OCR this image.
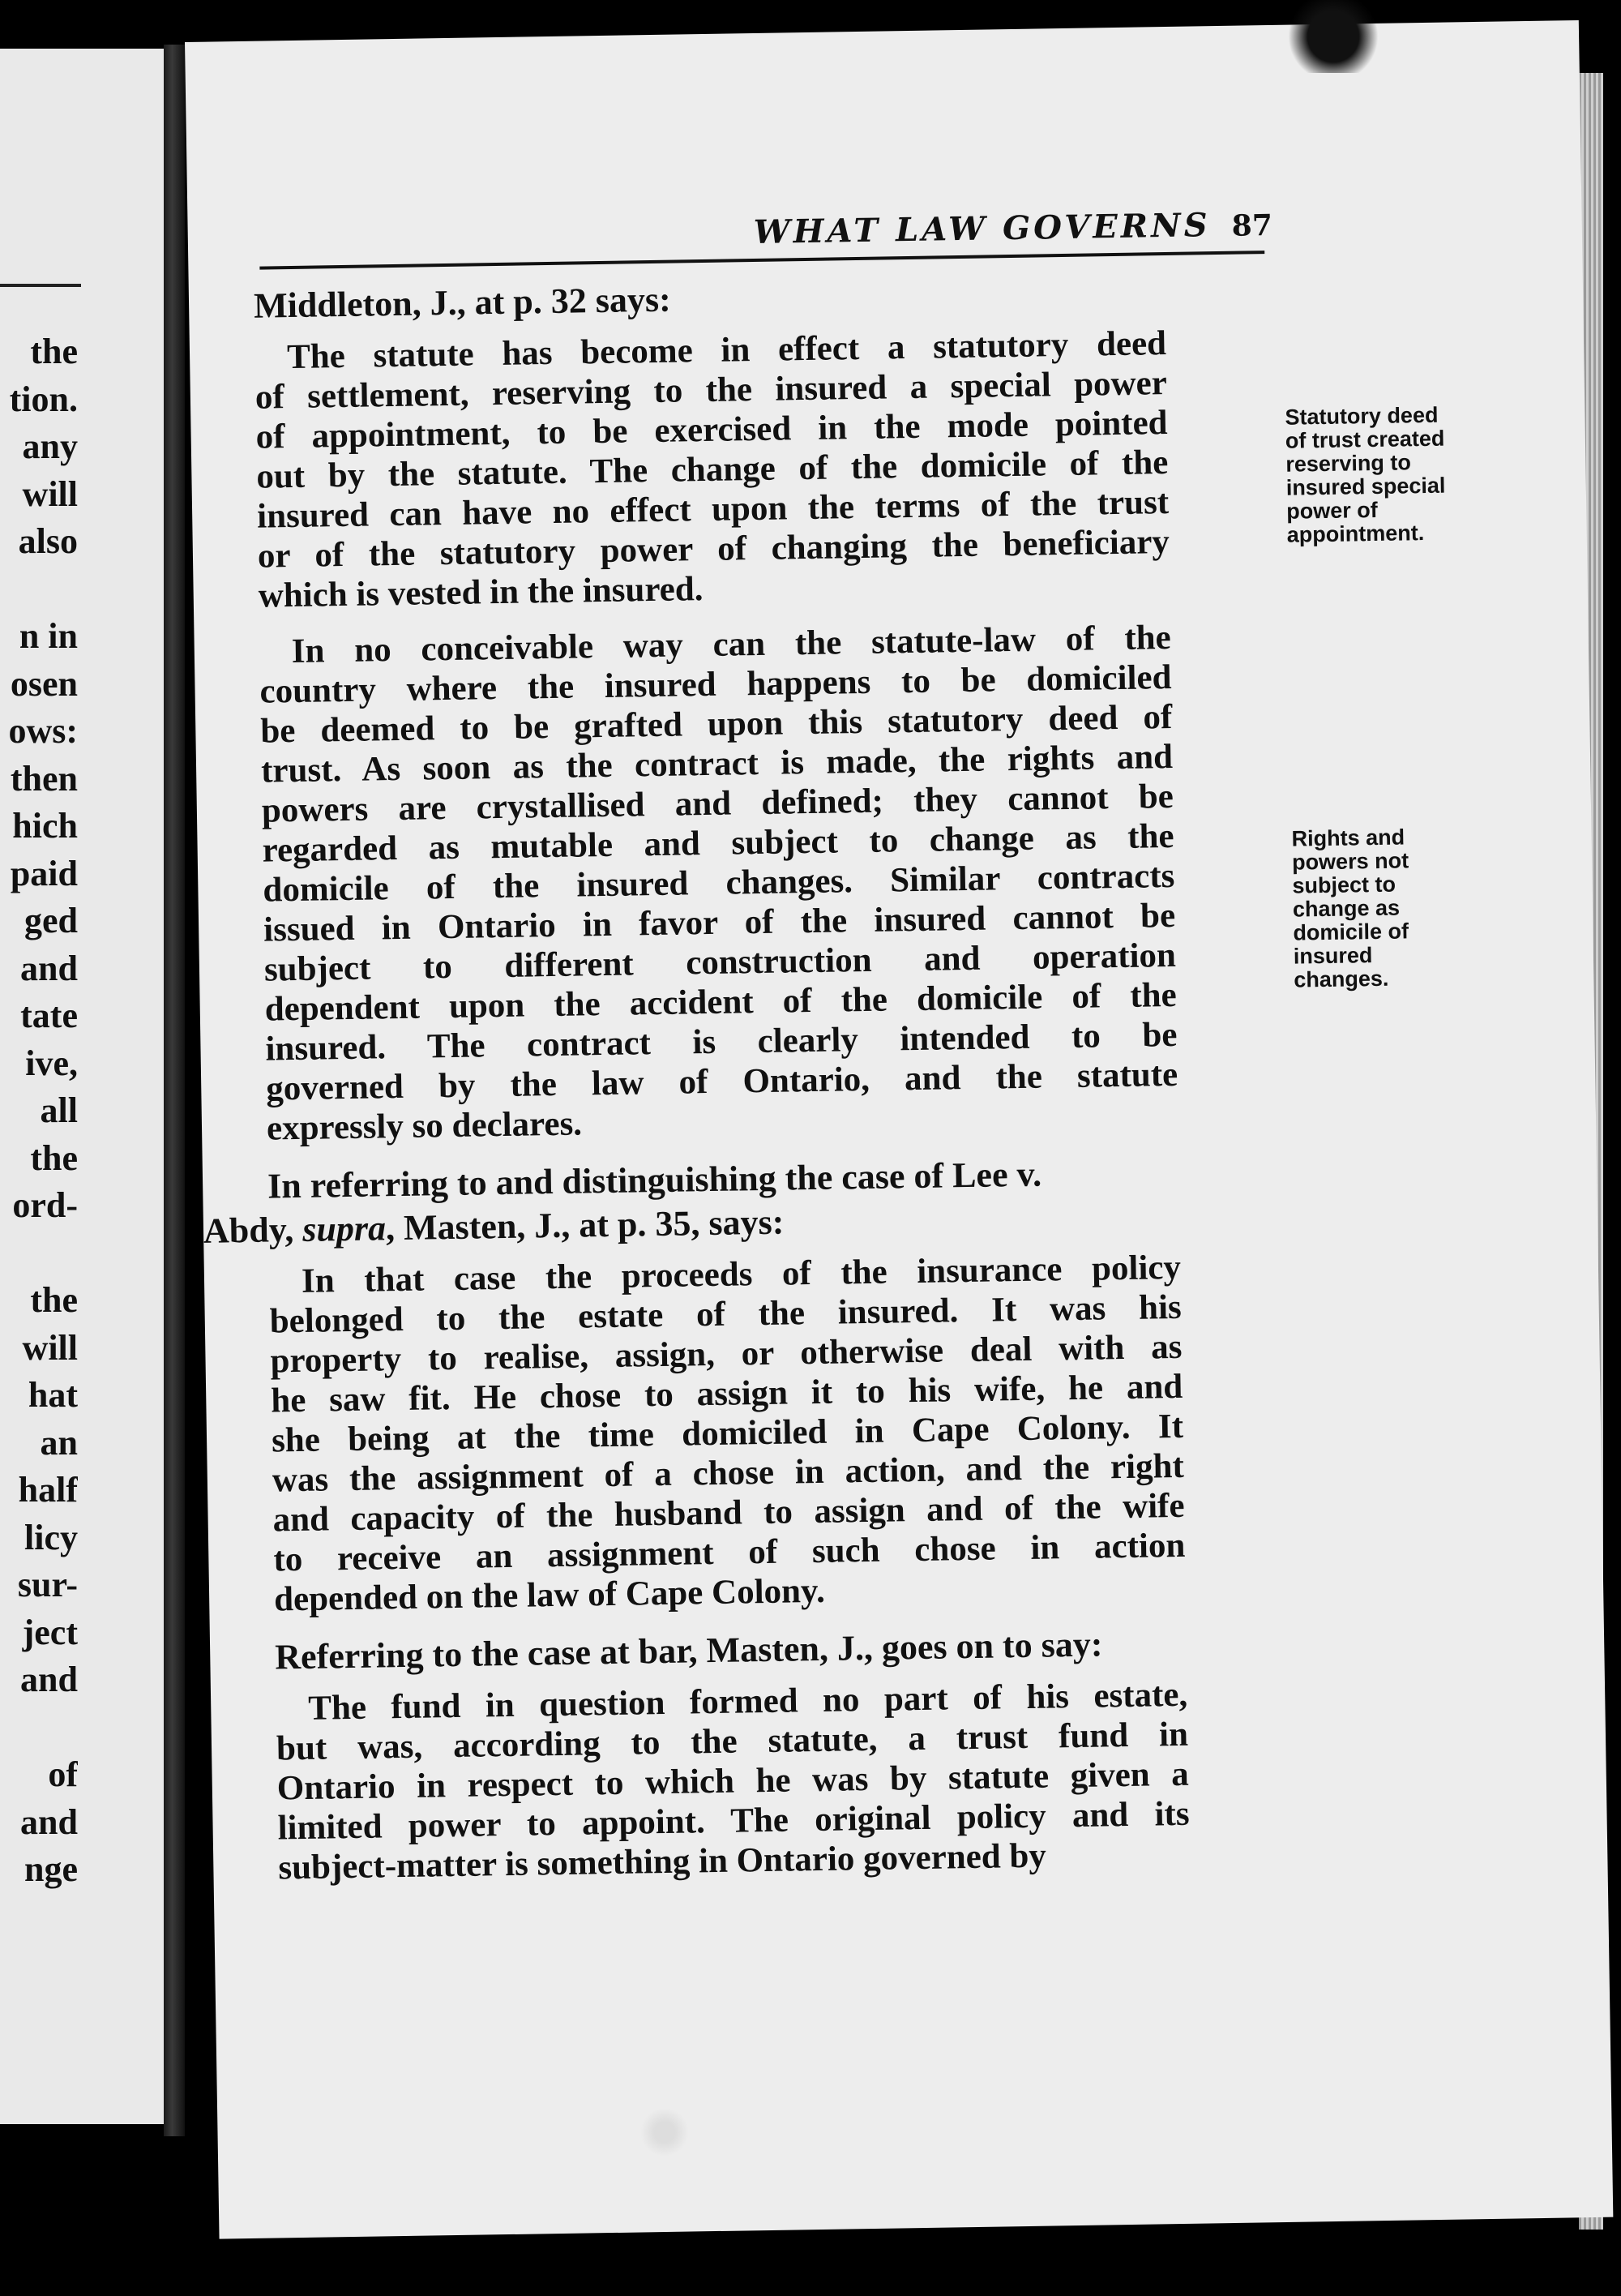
the
tion.
any
will
also
n in
osen
ows:
then
hich
paid
ged
and
tate
ive,
all
the
ord-
the
will
hat
an
half
licy
sur-
ject
and
of
and
nge
WHAT LAW GOVERNS 87
Middleton, J., at p. 32 says:
The statute has become in effect a statutory deed
of settlement, reserving to the insured a special power
of appointment, to be exercised in the mode pointed
out by the statute. The change of the domicile of the
insured can have no effect upon the terms of the trust
or of the statutory power of changing the beneficiary
which is vested in the insured.
In no conceivable way can the statute-law of the
country where the insured happens to be domiciled
be deemed to be grafted upon this statutory deed of
trust. As soon as the contract is made, the rights and
powers are crystallised and defined; they cannot be
regarded as mutable and subject to change as the
domicile of the insured changes. Similar contracts
issued in Ontario in favor of the insured cannot be
subject to different construction and operation
dependent upon the accident of the domicile of the
insured. The contract is clearly intended to be
governed by the law of Ontario, and the statute
expressly so declares.
In referring to and distinguishing the case of Lee v.
Abdy, supra, Masten, J., at p. 35, says:
In that case the proceeds of the insurance policy
belonged to the estate of the insured. It was his
property to realise, assign, or otherwise deal with as
he saw fit. He chose to assign it to his wife, he and
she being at the time domiciled in Cape Colony. It
was the assignment of a chose in action, and the right
and capacity of the husband to assign and of the wife
to receive an assignment of such chose in action
depended on the law of Cape Colony.
Referring to the case at bar, Masten, J., goes on to say:
The fund in question formed no part of his estate,
but was, according to the statute, a trust fund in
Ontario in respect to which he was by statute given a
limited power to appoint. The original policy and its
subject-matter is something in Ontario governed by
Statutory deed
of trust created
reserving to
insured special
power of
appointment.
Rights and
powers not
subject to
change as
domicile of
insured
changes.
